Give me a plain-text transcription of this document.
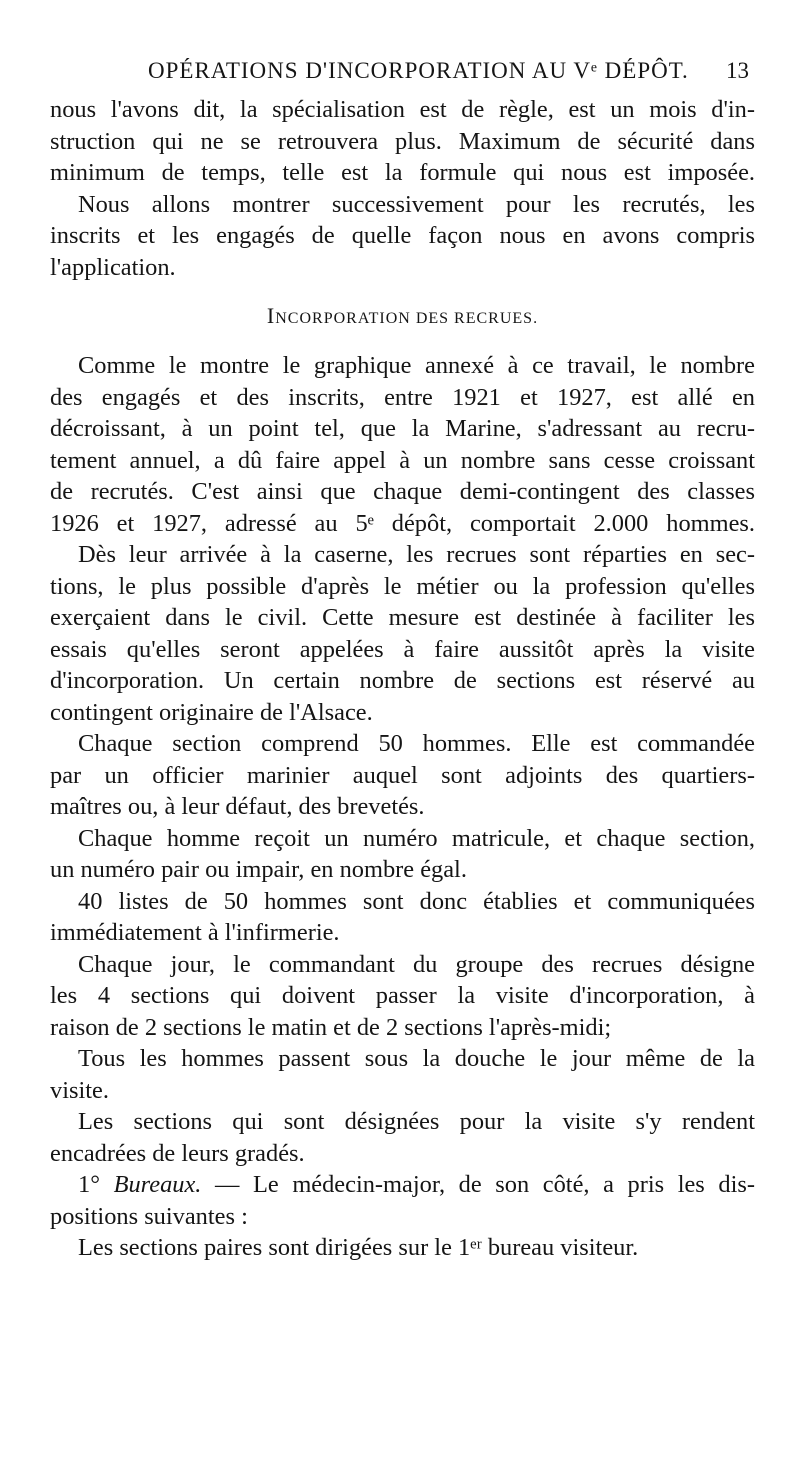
OPÉRATIONS D'INCORPORATION AU Vᵉ DÉPÔT.	13
nous l'avons dit, la spécialisation est de règle, est un mois d'in-
struction qui ne se retrouvera plus. Maximum de sécurité dans
minimum de temps, telle est la formule qui nous est imposée.
Nous allons montrer successivement pour les recrutés, les
inscrits et les engagés de quelle façon nous en avons compris
l'application.
INCORPORATION DES RECRUES.
Comme le montre le graphique annexé à ce travail, le nombre
des engagés et des inscrits, entre 1921 et 1927, est allé en
décroissant, à un point tel, que la Marine, s'adressant au recru-
tement annuel, a dû faire appel à un nombre sans cesse croissant
de recrutés. C'est ainsi que chaque demi-contingent des classes
1926 et 1927, adressé au 5ᵉ dépôt, comportait 2.000 hommes.
Dès leur arrivée à la caserne, les recrues sont réparties en sec-
tions, le plus possible d'après le métier ou la profession qu'elles
exerçaient dans le civil. Cette mesure est destinée à faciliter les
essais qu'elles seront appelées à faire aussitôt après la visite
d'incorporation. Un certain nombre de sections est réservé au
contingent originaire de l'Alsace.
Chaque section comprend 50 hommes. Elle est commandée
par un officier marinier auquel sont adjoints des quartiers-
maîtres ou, à leur défaut, des brevetés.
Chaque homme reçoit un numéro matricule, et chaque section,
un numéro pair ou impair, en nombre égal.
40 listes de 50 hommes sont donc établies et communiquées
immédiatement à l'infirmerie.
Chaque jour, le commandant du groupe des recrues désigne
les 4 sections qui doivent passer la visite d'incorporation, à
raison de 2 sections le matin et de 2 sections l'après-midi;
Tous les hommes passent sous la douche le jour même de la
visite.
Les sections qui sont désignées pour la visite s'y rendent
encadrées de leurs gradés.
1° Bureaux. — Le médecin-major, de son côté, a pris les dis-
positions suivantes :
Les sections paires sont dirigées sur le 1ᵉʳ bureau visiteur.
